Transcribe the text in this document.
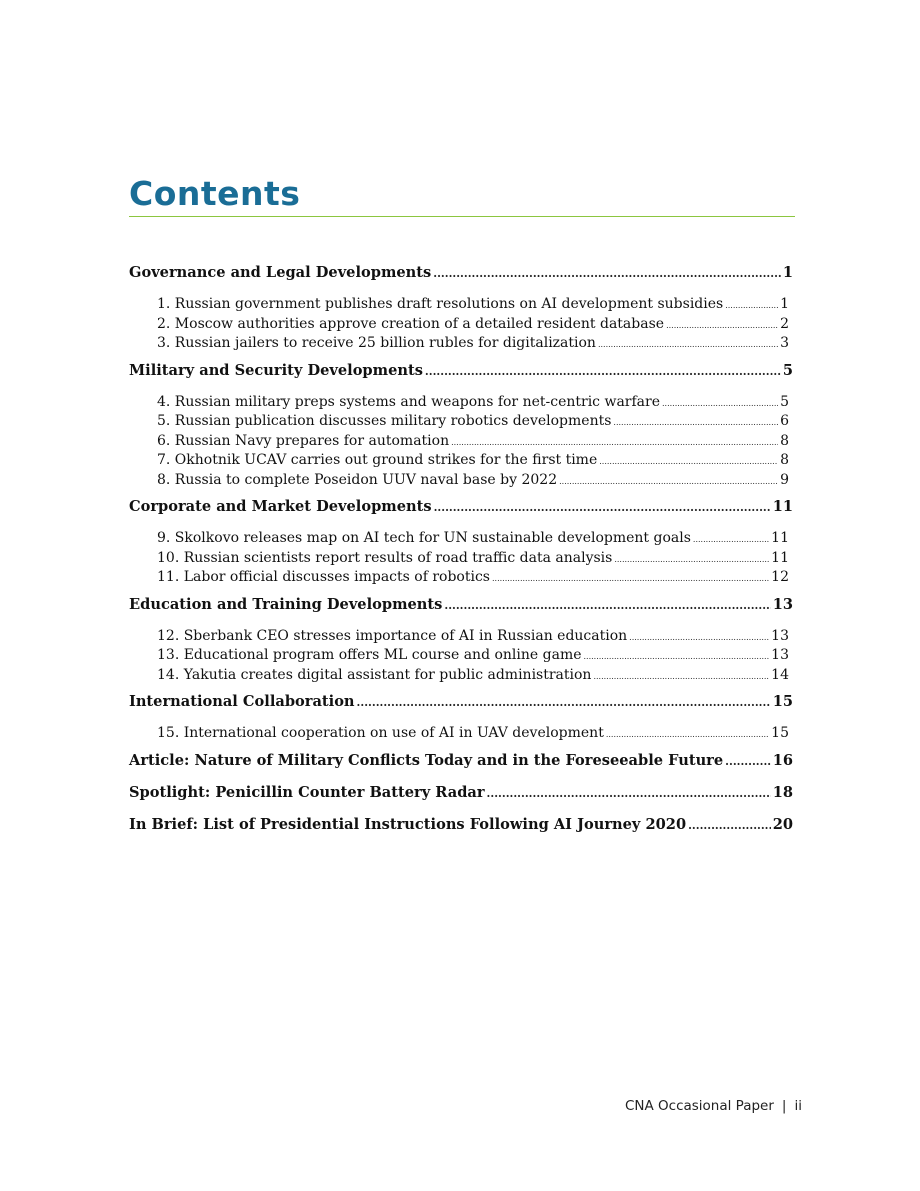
Contents
Governance and Legal Developments .....	1
1. Russian government publishes draft resolutions on AI development subsidies .....	1
2. Moscow authorities approve creation of a detailed resident database .....	2
3. Russian jailers to receive 25 billion rubles for digitalization .....	3
Military and Security Developments .....	5
4. Russian military preps systems and weapons for net-centric warfare .....	5
5. Russian publication discusses military robotics developments .....	6
6. Russian Navy prepares for automation .....	8
7. Okhotnik UCAV carries out ground strikes for the first time .....	8
8. Russia to complete Poseidon UUV naval base by 2022 .....	9
Corporate and Market Developments .....	11
9. Skolkovo releases map on AI tech for UN sustainable development goals .....	11
10. Russian scientists report results of road traffic data analysis .....	11
11. Labor official discusses impacts of robotics .....	12
Education and Training Developments .....	13
12. Sberbank CEO stresses importance of AI in Russian education .....	13
13. Educational program offers ML course and online game .....	13
14. Yakutia creates digital assistant for public administration .....	14
International Collaboration .....	15
15. International cooperation on use of AI in UAV development .....	15
Article: Nature of Military Conflicts Today and in the Foreseeable Future .....	16
Spotlight: Penicillin Counter Battery Radar .....	18
In Brief: List of Presidential Instructions Following AI Journey 2020 .....	20
CNA Occasional Paper | ii
